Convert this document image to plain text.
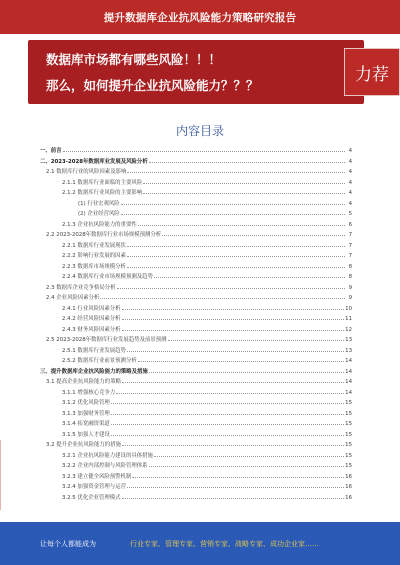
提升数据库企业抗风险能力策略研究报告
数据库市场都有哪些风险！！！
那么，如何提升企业抗风险能力？？？
力荐
内容目录
一、前言	4
二、2023-2028年数据库业发展及风险分析	4
2.1 数据库行业的风险因素及影响	4
2.1.1 数据库行业面临的主要风险	4
2.1.2 数据库行业风险的主要影响	4
(1) 行业宏观风险	4
(2) 企业经营风险	5
2.1.3 企业抗风险能力的重要性	6
2.2 2023-2028年数据库行业市场规模预测分析	7
2.2.1 数据库行业发展现状	7
2.2.2 影响行业发展的因素	7
2.2.3 数据库市场规模分析	8
2.2.4 数据库行业市场规模预测及趋势	8
2.3 数据库企业竞争格局分析	9
2.4 企业风险因素分析	9
2.4.1 行业风险因素分析	10
2.4.2 经营风险因素分析	11
2.4.3 财务风险因素分析	12
2.5 2023-2028年数据库行业发展趋势及前景预测	13
2.5.1 数据库行业发展趋势	13
2.5.2 数据库行业前景预测分析	14
三、提升数据库企业抗风险能力的策略及措施	14
3.1 提高企业抗风险能力的策略	14
3.1.1 增强核心竞争力	14
3.1.2 优化风险管理	15
3.1.3 加强财务管理	15
3.1.4 拓宽融资渠道	15
3.1.5 加强人才建设	15
3.2 提升企业抗风险能力的措施	15
3.2.1 企业抗风险能力建设的具体措施	15
3.2.2 企业内部控制与风险管理体系	15
3.2.3 建立健全风险预警机制	16
3.2.4 加强资金管理与运营	16
3.2.5 优化企业管理模式	16
让每个人都能成为	行业专家、管理专家、营销专家、战略专家、成功企业家……
